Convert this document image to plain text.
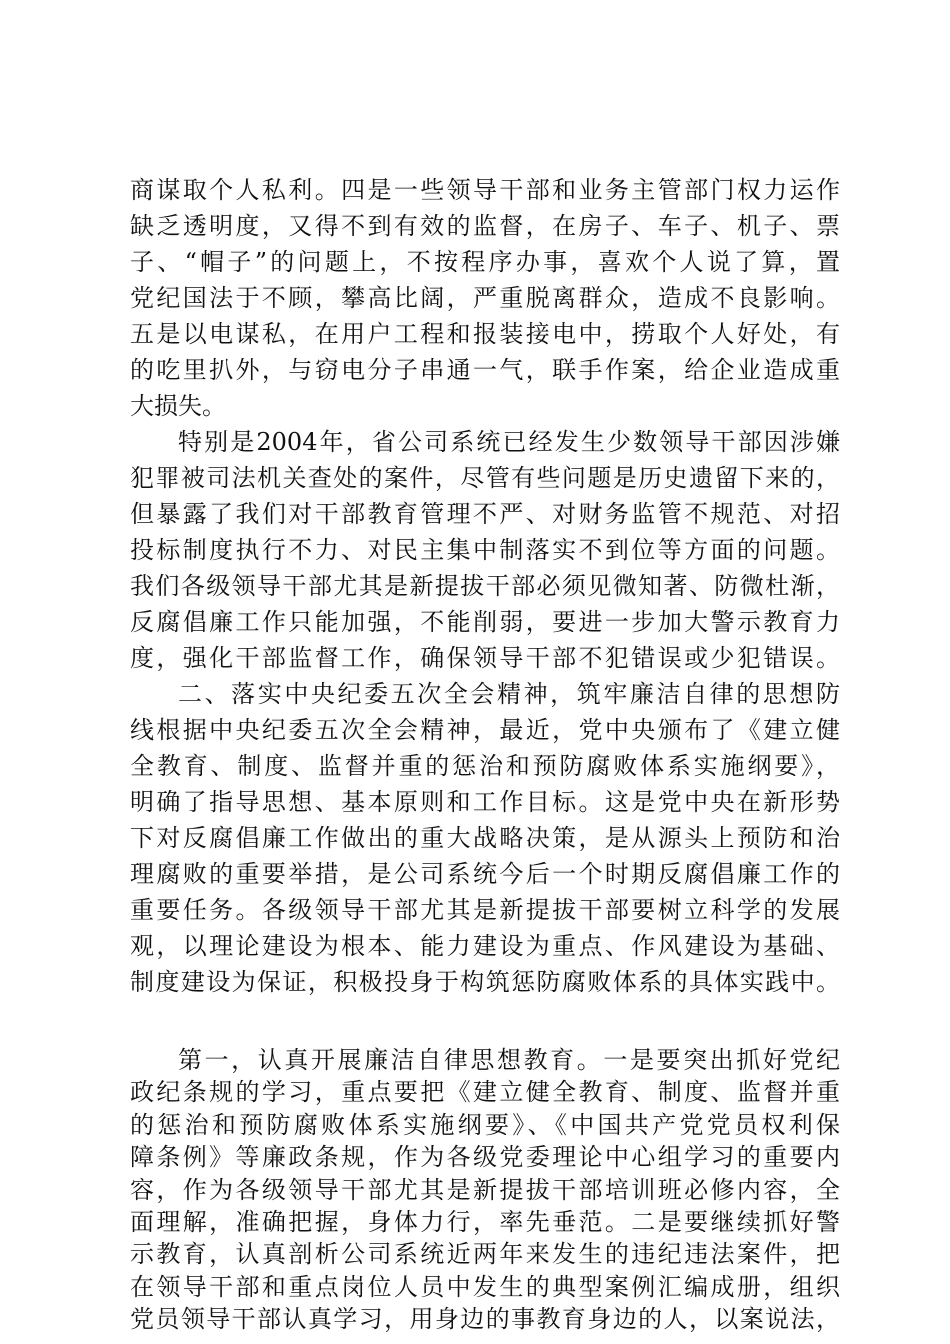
商谋取个人私利。四是一些领导干部和业务主管部门权力运作
缺乏透明度，又得不到有效的监督，在房子、车子、机子、票
子、“帽子”的问题上，不按程序办事，喜欢个人说了算，置
党纪国法于不顾，攀高比阔，严重脱离群众，造成不良影响。
五是以电谋私，在用户工程和报装接电中，捞取个人好处，有
的吃里扒外，与窃电分子串通一气，联手作案，给企业造成重
大损失。
特别是2004年，省公司系统已经发生少数领导干部因涉嫌
犯罪被司法机关查处的案件，尽管有些问题是历史遗留下来的，
但暴露了我们对干部教育管理不严、对财务监管不规范、对招
投标制度执行不力、对民主集中制落实不到位等方面的问题。
我们各级领导干部尤其是新提拔干部必须见微知著、防微杜渐，
反腐倡廉工作只能加强，不能削弱，要进一步加大警示教育力
度，强化干部监督工作，确保领导干部不犯错误或少犯错误。
二、落实中央纪委五次全会精神，筑牢廉洁自律的思想防
线根据中央纪委五次全会精神，最近，党中央颁布了《建立健
全教育、制度、监督并重的惩治和预防腐败体系实施纲要》，
明确了指导思想、基本原则和工作目标。这是党中央在新形势
下对反腐倡廉工作做出的重大战略决策，是从源头上预防和治
理腐败的重要举措，是公司系统今后一个时期反腐倡廉工作的
重要任务。各级领导干部尤其是新提拔干部要树立科学的发展
观，以理论建设为根本、能力建设为重点、作风建设为基础、
制度建设为保证，积极投身于构筑惩防腐败体系的具体实践中。
第一，认真开展廉洁自律思想教育。一是要突出抓好党纪
政纪条规的学习，重点要把《建立健全教育、制度、监督并重
的惩治和预防腐败体系实施纲要》、《中国共产党党员权利保
障条例》等廉政条规，作为各级党委理论中心组学习的重要内
容，作为各级领导干部尤其是新提拔干部培训班必修内容，全
面理解，准确把握，身体力行，率先垂范。二是要继续抓好警
示教育，认真剖析公司系统近两年来发生的违纪违法案件，把
在领导干部和重点岗位人员中发生的典型案例汇编成册，组织
党员领导干部认真学习，用身边的事教育身边的人，以案说法，
